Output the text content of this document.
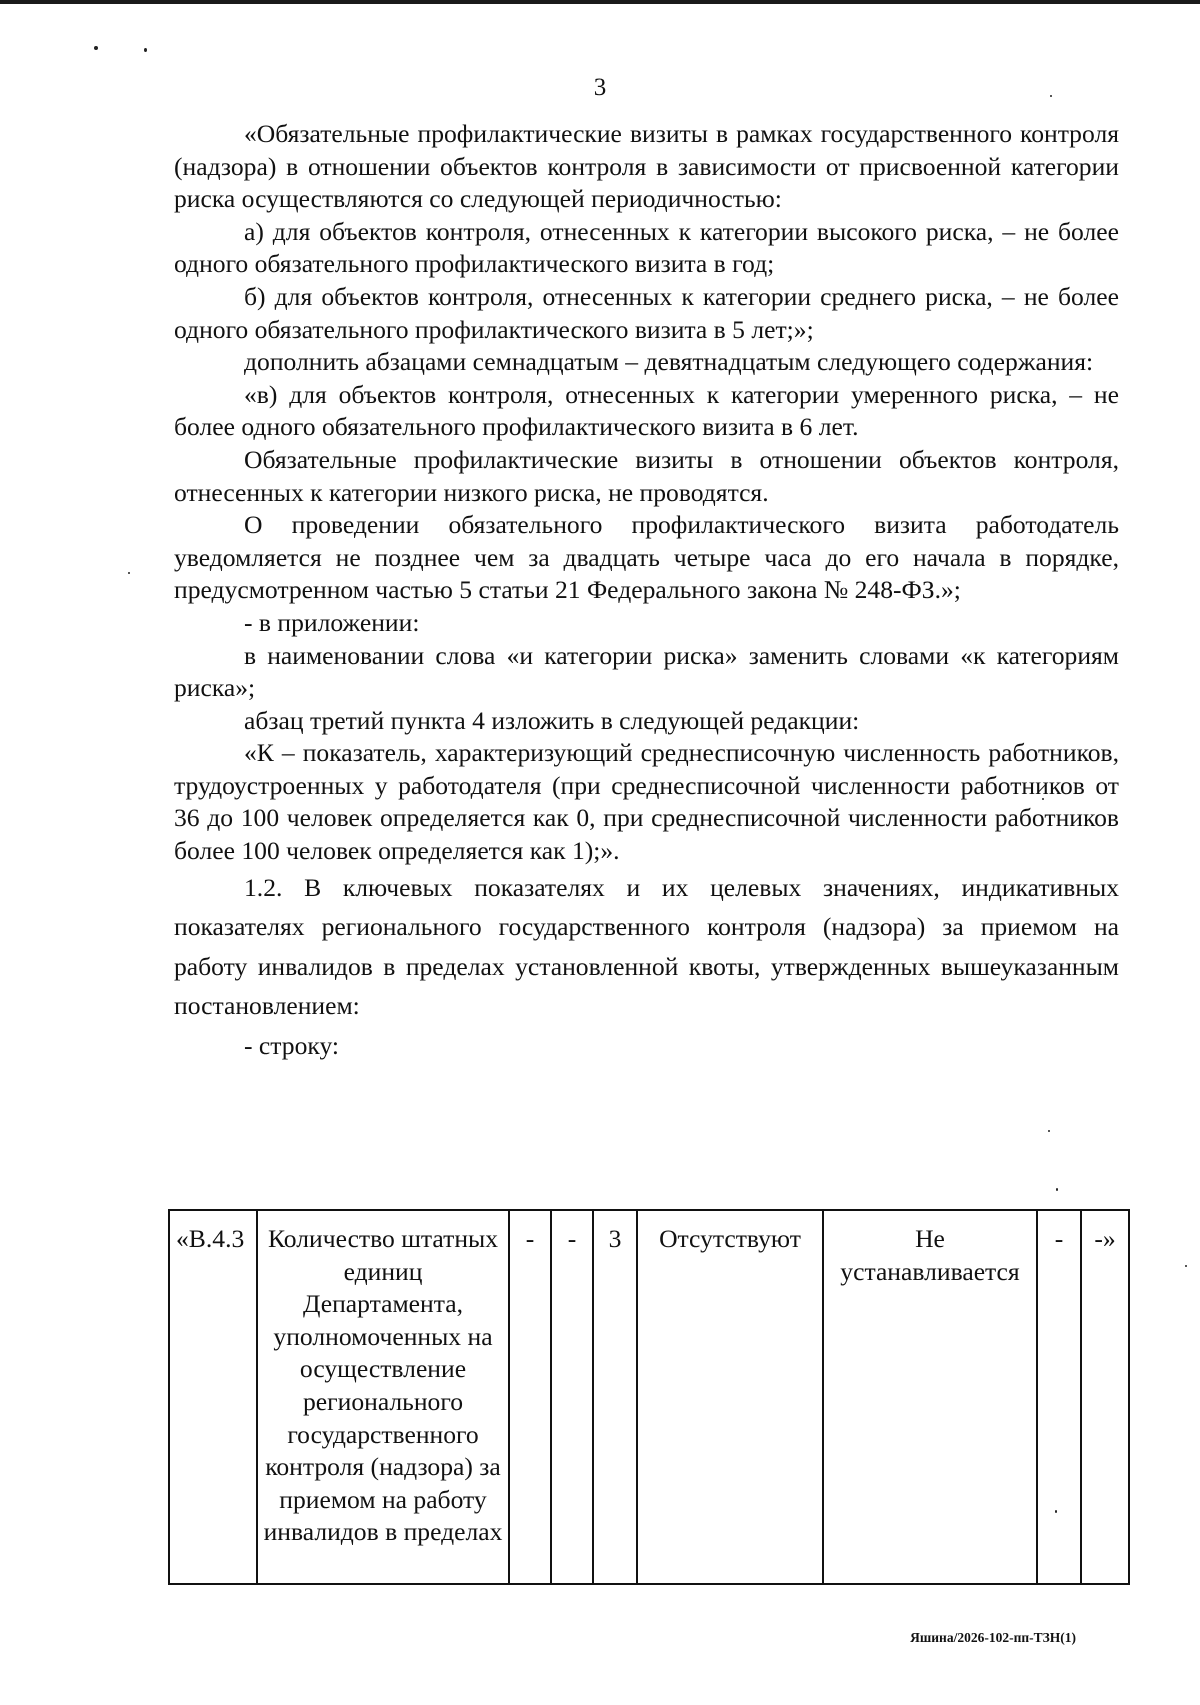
3

«Обязательные профилактические визиты в рамках государственного контроля (надзора) в отношении объектов контроля в зависимости от присвоенной категории риска осуществляются со следующей периодичностью:

а) для объектов контроля, отнесенных к категории высокого риска, – не более одного обязательного профилактического визита в год;

б) для объектов контроля, отнесенных к категории среднего риска, – не более одного обязательного профилактического визита в 5 лет;»;

дополнить абзацами семнадцатым – девятнадцатым следующего содержания:

«в) для объектов контроля, отнесенных к категории умеренного риска, – не более одного обязательного профилактического визита в 6 лет.

Обязательные профилактические визиты в отношении объектов контроля, отнесенных к категории низкого риска, не проводятся.

О проведении обязательного профилактического визита работодатель уведомляется не позднее чем за двадцать четыре часа до его начала в порядке, предусмотренном частью 5 статьи 21 Федерального закона № 248-ФЗ.»;

- в приложении:

в наименовании слова «и категории риска» заменить словами «к категориям риска»;

абзац третий пункта 4 изложить в следующей редакции:

«К – показатель, характеризующий среднесписочную численность работников, трудоустроенных у работодателя (при среднесписочной численности работников от 36 до 100 человек определяется как 0, при среднесписочной численности работников более 100 человек определяется как 1);».

1.2. В ключевых показателях и их целевых значениях, индикативных показателях регионального государственного контроля (надзора) за приемом на работу инвалидов в пределах установленной квоты, утвержденных вышеуказанным постановлением:

- строку:

«В.4.3	Количество штатных единиц Департамента, уполномоченных на осуществление регионального государственного контроля (надзора) за приемом на работу инвалидов в пределах	-	-	3	Отсутствуют	Не устанавливается	-	-»
Яшина/2026-102-пп-ТЗН(1)
